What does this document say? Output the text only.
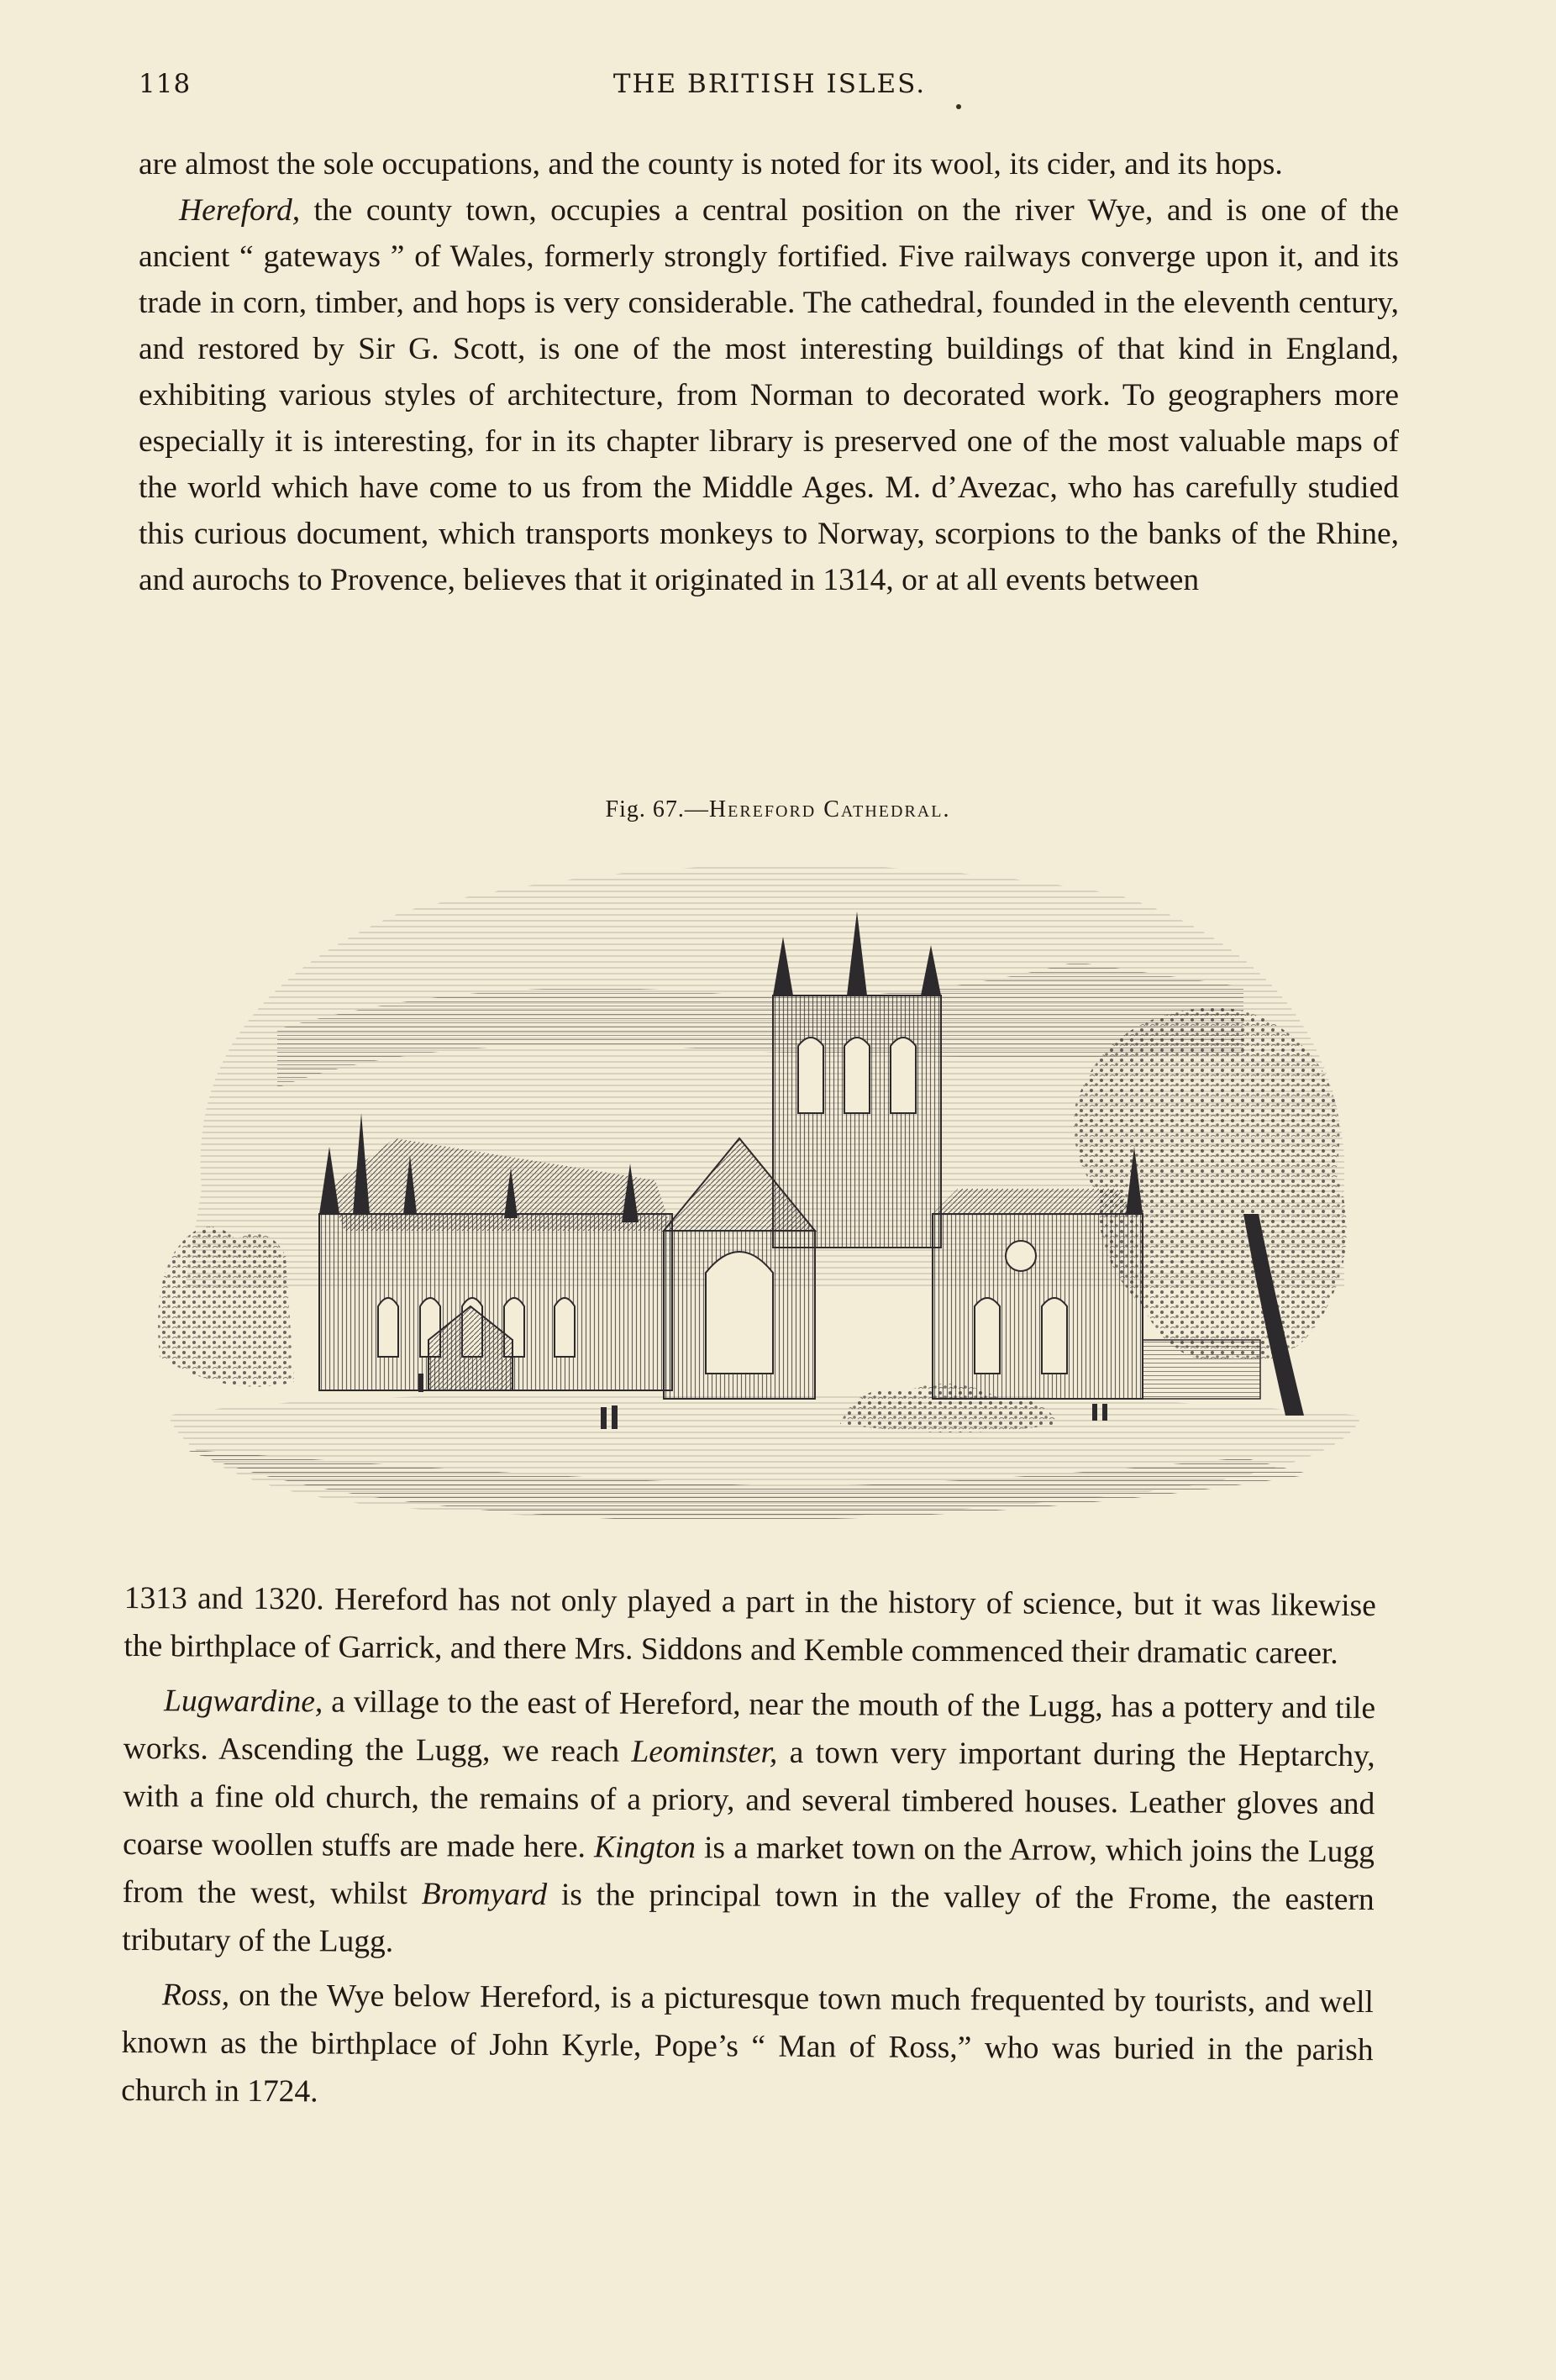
118	THE BRITISH ISLES.

are almost the sole occupations, and the county is noted for its wool, its cider, and its hops.

Hereford, the county town, occupies a central position on the river Wye, and is one of the ancient “ gateways ” of Wales, formerly strongly fortified. Five railways converge upon it, and its trade in corn, timber, and hops is very considerable. The cathedral, founded in the eleventh century, and restored by Sir G. Scott, is one of the most interesting buildings of that kind in England, exhibiting various styles of architecture, from Norman to decorated work. To geographers more especially it is interesting, for in its chapter library is preserved one of the most valuable maps of the world which have come to us from the Middle Ages. M. d’Avezac, who has carefully studied this curious document, which transports monkeys to Norway, scorpions to the banks of the Rhine, and aurochs to Provence, believes that it originated in 1314, or at all events between

Fig. 67.—Hereford Cathedral.

1313 and 1320. Hereford has not only played a part in the history of science, but it was likewise the birthplace of Garrick, and there Mrs. Siddons and Kemble commenced their dramatic career.

Lugwardine, a village to the east of Hereford, near the mouth of the Lugg, has a pottery and tile works. Ascending the Lugg, we reach Leominster, a town very important during the Heptarchy, with a fine old church, the remains of a priory, and several timbered houses. Leather gloves and coarse woollen stuffs are made here. Kington is a market town on the Arrow, which joins the Lugg from the west, whilst Bromyard is the principal town in the valley of the Frome, the eastern tributary of the Lugg.

Ross, on the Wye below Hereford, is a picturesque town much frequented by tourists, and well known as the birthplace of John Kyrle, Pope’s “ Man of Ross,” who was buried in the parish church in 1724.
